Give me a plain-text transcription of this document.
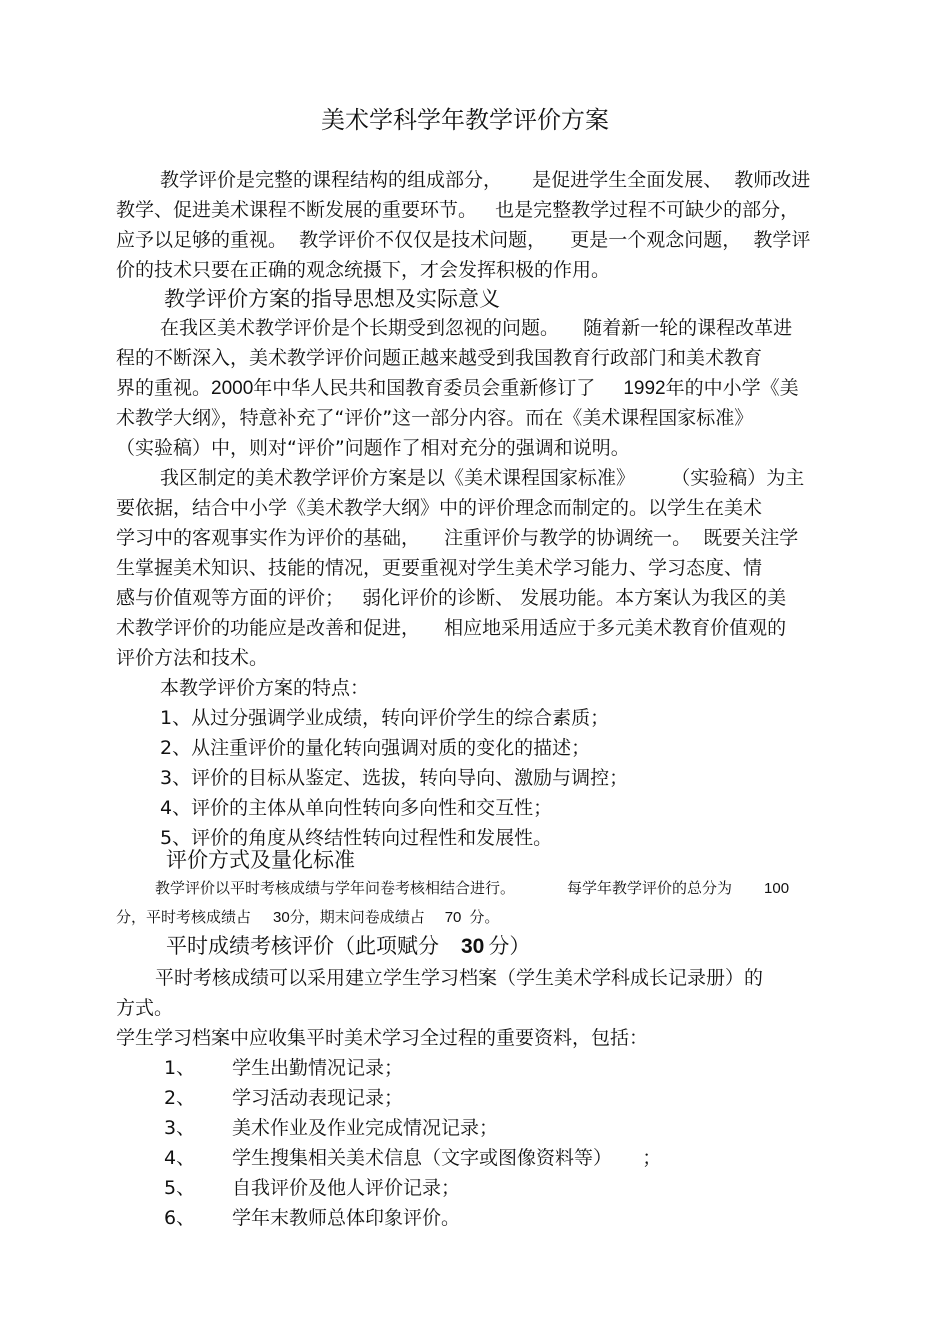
美术学科学年教学评价方案
教学评价是完整的课程结构的组成部分，     是促进学生全面发展、  教师改进
教学、促进美术课程不断发展的重要环节。   也是完整教学过程不可缺少的部分，
应予以足够的重视。  教学评价不仅仅是技术问题，    更是一个观念问题，  教学评
价的技术只要在正确的观念统摄下，才会发挥积极的作用。
教学评价方案的指导思想及实际意义
在我区美术教学评价是个长期受到忽视的问题。    随着新一轮的课程改革进
程的不断深入，美术教学评价问题正越来越受到我国教育行政部门和美术教育
界的重视。2000年中华人民共和国教育委员会重新修订了 1992年的中小学《美
术教学大纲》，特意补充了“评价”这一部分内容。而在《美术课程国家标准》
（实验稿）中，则对“评价”问题作了相对充分的强调和说明。
我区制定的美术教学评价方案是以《美术课程国家标准》      （实验稿）为主
要依据，结合中小学《美术教学大纲》中的评价理念而制定的。以学生在美术
学习中的客观事实作为评价的基础，    注重评价与教学的协调统一。  既要关注学
生掌握美术知识、技能的情况，更要重视对学生美术学习能力、学习态度、情
感与价值观等方面的评价；   弱化评价的诊断、 发展功能。本方案认为我区的美
术教学评价的功能应是改善和促进，    相应地采用适应于多元美术教育价值观的
评价方法和技术。
本教学评价方案的特点：
1、从过分强调学业成绩，转向评价学生的综合素质；
2、从注重评价的量化转向强调对质的变化的描述；
3、评价的目标从鉴定、选拔，转向导向、激励与调控；
4、评价的主体从单向性转向多向性和交互性；
5、评价的角度从终结性转向过程性和发展性。
评价方式及量化标准
教学评价以平时考核成绩与学年问卷考核相结合进行。	每学年教学评价的总分为 100
分，平时考核成绩占 30分，期末问卷成绩占 70 分。
平时成绩考核评价（此项赋分 30 分）
平时考核成绩可以采用建立学生学习档案（学生美术学科成长记录册）的
方式。
学生学习档案中应收集平时美术学习全过程的重要资料，包括：
1、 学生出勤情况记录；
2、 学习活动表现记录；
3、 美术作业及作业完成情况记录；
4、 学生搜集相关美术信息（文字或图像资料等）     ；
5、 自我评价及他人评价记录；
6、 学年末教师总体印象评价。
